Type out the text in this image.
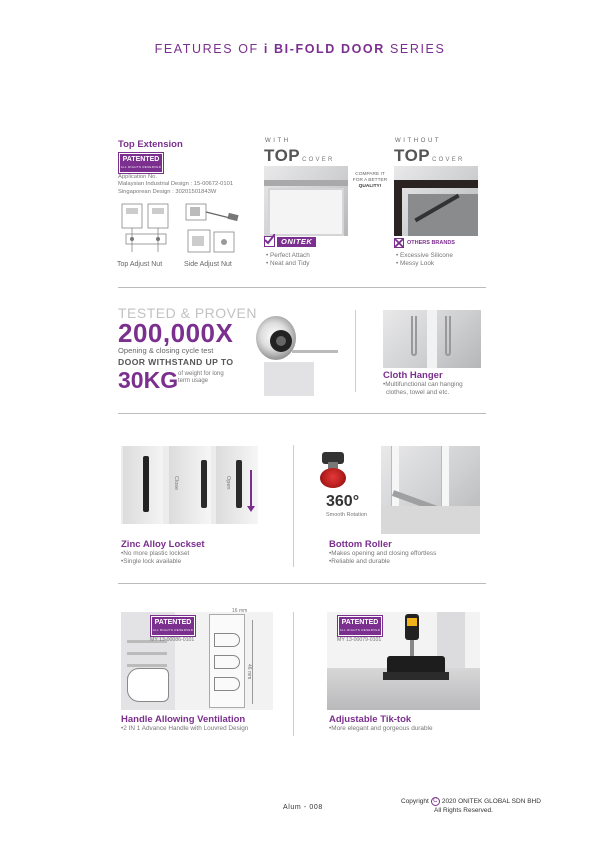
FEATURES OF i BI-FOLD DOOR SERIES
Top Extension
PATENTED
ALL RIGHTS RESERVED
Application No.
Malaysian Industrial Design : 15-00672-0101
Singaporean Design : 30201501843W
Top Adjust Nut	Side Adjust Nut
WITH
TOP COVER
COMPARE IT
FOR A BETTER
QUALITY!
ONITEK
• Perfect Attach
• Neat and Tidy
WITHOUT
TOP COVER
OTHERS BRANDS
• Excessive Silicone
• Messy Look
TESTED & PROVEN
200,000X
Opening & closing cycle test
DOOR WITHSTAND UP TO
30KG of weight for long
term usage
Cloth Hanger
•Multifunctional can hanging
clothes, towel and etc.
Close	Open
Zinc Alloy Lockset
•No more plastic lockset
•Single lock available
360°
Smooth Rotation
Bottom Roller
•Makes opening and closing effortless
•Reliable and durable
PATENTED
ALL RIGHTS RESERVED
MY 13-00086-0101
16 mm
46 mm
Handle Allowing Ventilation
•2 IN 1 Advance Handle with Louvred Design
PATENTED
ALL RIGHTS RESERVED
MY 13-00079-0101
Adjustable Tik-tok
•More elegant and gorgeous durable
Alum - 008
Copyright C 2020 ONITEK GLOBAL SDN BHD
All Rights Reserved.
